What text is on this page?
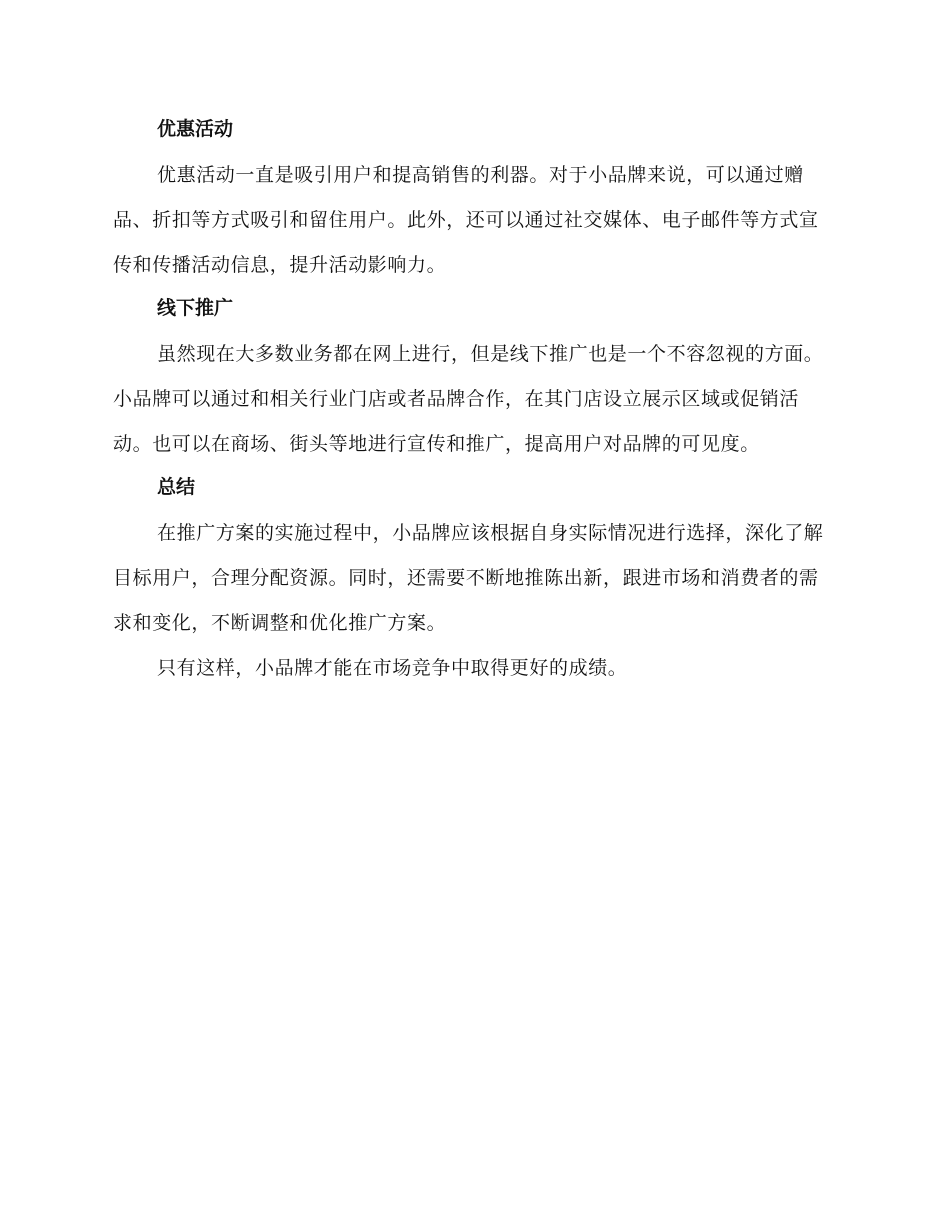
优惠活动

优惠活动一直是吸引用户和提高销售的利器。对于小品牌来说，可以通过赠品、折扣等方式吸引和留住用户。此外，还可以通过社交媒体、电子邮件等方式宣传和传播活动信息，提升活动影响力。

线下推广

虽然现在大多数业务都在网上进行，但是线下推广也是一个不容忽视的方面。小品牌可以通过和相关行业门店或者品牌合作，在其门店设立展示区域或促销活动。也可以在商场、街头等地进行宣传和推广，提高用户对品牌的可见度。

总结

在推广方案的实施过程中，小品牌应该根据自身实际情况进行选择，深化了解目标用户，合理分配资源。同时，还需要不断地推陈出新，跟进市场和消费者的需求和变化，不断调整和优化推广方案。

只有这样，小品牌才能在市场竞争中取得更好的成绩。
